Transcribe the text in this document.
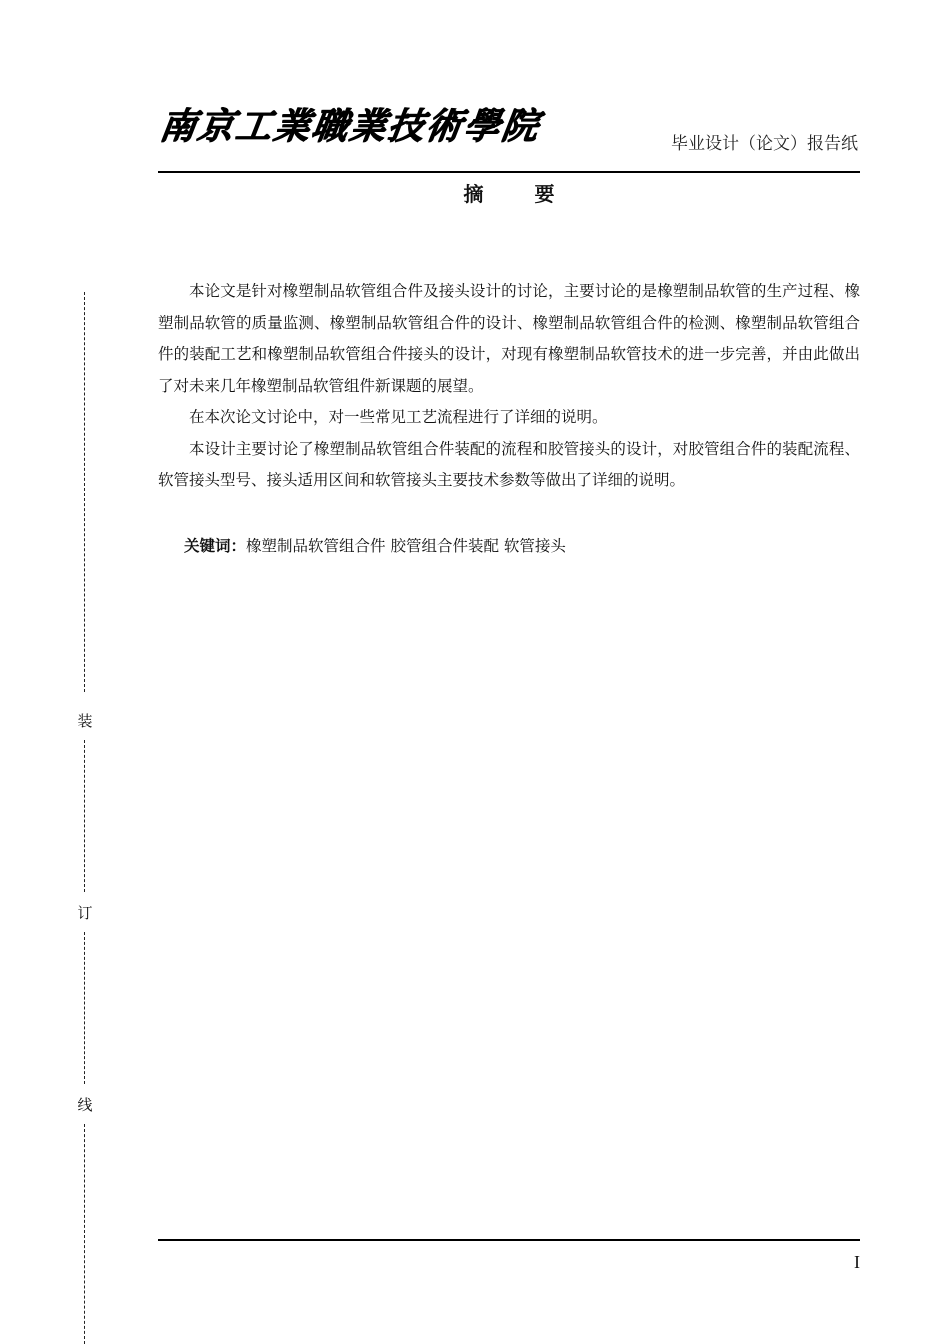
装
订
线
南京工業職業技術學院	毕业设计（论文）报告纸
摘 要

本论文是针对橡塑制品软管组合件及接头设计的讨论，主要讨论的是橡塑制品软管的生产过程、橡塑制品软管的质量监测、橡塑制品软管组合件的设计、橡塑制品软管组合件的检测、橡塑制品软管组合件的装配工艺和橡塑制品软管组合件接头的设计，对现有橡塑制品软管技术的进一步完善，并由此做出了对未来几年橡塑制品软管组件新课题的展望。

在本次论文讨论中，对一些常见工艺流程进行了详细的说明。

本设计主要讨论了橡塑制品软管组合件装配的流程和胶管接头的设计，对胶管组合件的装配流程、软管接头型号、接头适用区间和软管接头主要技术参数等做出了详细的说明。

关键词：橡塑制品软管组合件 胶管组合件装配 软管接头
I
